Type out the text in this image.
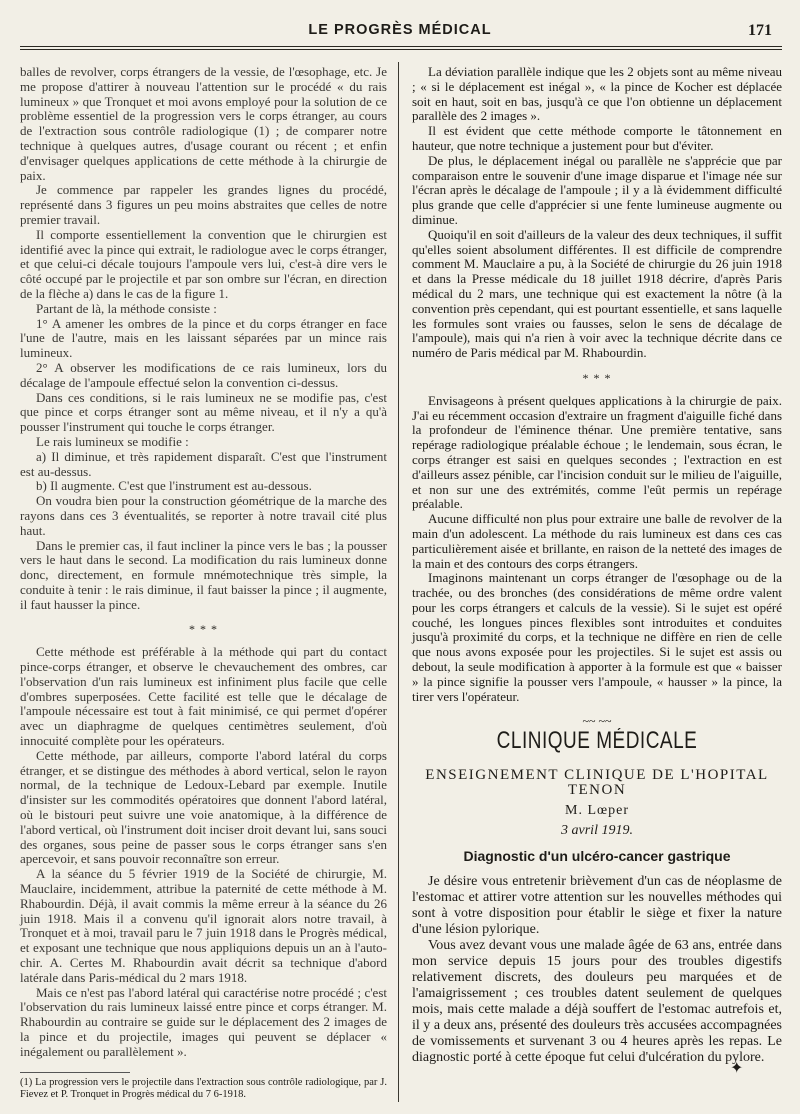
LE PROGRÈS MÉDICAL	171

balles de revolver, corps étrangers de la vessie, de l'œsophage, etc. Je me propose d'attirer à nouveau l'attention sur le procédé « du rais lumineux » que Tronquet et moi avons employé pour la solution de ce problème essentiel de la progression vers le corps étranger, au cours de l'extraction sous contrôle radiologique (1) ; de comparer notre technique à quelques autres, d'usage courant ou récent ; et enfin d'envisager quelques applications de cette méthode à la chirurgie de paix.

Je commence par rappeler les grandes lignes du procédé, représenté dans 3 figures un peu moins abstraites que celles de notre premier travail.

Il comporte essentiellement la convention que le chirurgien est identifié avec la pince qui extrait, le radiologue avec le corps étranger, et que celui-ci décale toujours l'ampoule vers lui, c'est-à dire vers le côté occupé par le projectile et par son ombre sur l'écran, en direction de la flèche a) dans le cas de la figure 1.

Partant de là, la méthode consiste :

1° A amener les ombres de la pince et du corps étranger en face l'une de l'autre, mais en les laissant séparées par un mince rais lumineux.

2° A observer les modifications de ce rais lumineux, lors du décalage de l'ampoule effectué selon la convention ci-dessus.

Dans ces conditions, si le rais lumineux ne se modifie pas, c'est que pince et corps étranger sont au même niveau, et il n'y a qu'à pousser l'instrument qui touche le corps étranger.

Le rais lumineux se modifie :

a) Il diminue, et très rapidement disparaît. C'est que l'instrument est au-dessus.

b) Il augmente. C'est que l'instrument est au-dessous.

On voudra bien pour la construction géométrique de la marche des rayons dans ces 3 éventualités, se reporter à notre travail cité plus haut.

Dans le premier cas, il faut incliner la pince vers le bas ; la pousser vers le haut dans le second. La modification du rais lumineux donne donc, directement, en formule mnémotechnique très simple, la conduite à tenir : le rais diminue, il faut baisser la pince ; il augmente, il faut hausser la pince.

* * *

Cette méthode est préférable à la méthode qui part du contact pince-corps étranger, et observe le chevauchement des ombres, car l'observation d'un rais lumineux est infiniment plus facile que celle d'ombres superposées. Cette facilité est telle que le décalage de l'ampoule nécessaire est tout à fait minimisé, ce qui permet d'opérer avec un diaphragme de quelques centimètres seulement, d'où innocuité complète pour les opérateurs.

Cette méthode, par ailleurs, comporte l'abord latéral du corps étranger, et se distingue des méthodes à abord vertical, selon le rayon normal, de la technique de Ledoux-Lebard par exemple. Inutile d'insister sur les commodités opératoires que donnent l'abord latéral, où le bistouri peut suivre une voie anatomique, à la différence de l'abord vertical, où l'instrument doit inciser droit devant lui, sans souci des organes, sous peine de passer sous le corps étranger sans s'en apercevoir, et sans pouvoir reconnaître son erreur.

A la séance du 5 février 1919 de la Société de chirurgie, M. Mauclaire, incidemment, attribue la paternité de cette méthode à M. Rhabourdin. Déjà, il avait commis la même erreur à la séance du 26 juin 1918. Mais il a convenu qu'il ignorait alors notre travail, à Tronquet et à moi, travail paru le 7 juin 1918 dans le Progrès médical, et exposant une technique que nous appliquions depuis un an à l'auto-chir. A. Certes M. Rhabourdin avait décrit sa technique d'abord latérale dans Paris-médical du 2 mars 1918.

Mais ce n'est pas l'abord latéral qui caractérise notre procédé ; c'est l'observation du rais lumineux laissé entre pince et corps étranger. M. Rhabourdin au contraire se guide sur le déplacement des 2 images de la pince et du projectile, images qui peuvent se déplacer « inégalement ou parallèlement ».

(1) La progression vers le projectile dans l'extraction sous contrôle radiologique, par J. Fievez et P. Tronquet in Progrès médical du 7 6-1918.

La déviation parallèle indique que les 2 objets sont au même niveau ; « si le déplacement est inégal », « la pince de Kocher est déplacée soit en haut, soit en bas, jusqu'à ce que l'on obtienne un déplacement parallèle des 2 images ».

Il est évident que cette méthode comporte le tâtonnement en hauteur, que notre technique a justement pour but d'éviter.

De plus, le déplacement inégal ou parallèle ne s'apprécie que par comparaison entre le souvenir d'une image disparue et l'image née sur l'écran après le décalage de l'ampoule ; il y a là évidemment difficulté plus grande que celle d'apprécier si une fente lumineuse augmente ou diminue.

Quoiqu'il en soit d'ailleurs de la valeur des deux techniques, il suffit qu'elles soient absolument différentes. Il est difficile de comprendre comment M. Mauclaire a pu, à la Société de chirurgie du 26 juin 1918 et dans la Presse médicale du 18 juillet 1918 décrire, d'après Paris médical du 2 mars, une technique qui est exactement la nôtre (à la convention près cependant, qui est pourtant essentielle, et sans laquelle les formules sont vraies ou fausses, selon le sens de décalage de l'ampoule), mais qui n'a rien à voir avec la technique décrite dans ce numéro de Paris médical par M. Rhabourdin.

* * *

Envisageons à présent quelques applications à la chirurgie de paix. J'ai eu récemment occasion d'extraire un fragment d'aiguille fiché dans la profondeur de l'éminence thénar. Une première tentative, sans repérage radiologique préalable échoue ; le lendemain, sous écran, le corps étranger est saisi en quelques secondes ; l'extraction en est d'ailleurs assez pénible, car l'incision conduit sur le milieu de l'aiguille, et non sur une des extrémités, comme l'eût permis un repérage préalable.

Aucune difficulté non plus pour extraire une balle de revolver de la main d'un adolescent. La méthode du rais lumineux est dans ces cas particulièrement aisée et brillante, en raison de la netteté des images de la main et des contours des corps étrangers.

Imaginons maintenant un corps étranger de l'œsophage ou de la trachée, ou des bronches (des considérations de même ordre valent pour les corps étrangers et calculs de la vessie). Si le sujet est opéré couché, les longues pinces flexibles sont introduites et conduites jusqu'à proximité du corps, et la technique ne diffère en rien de celle que nous avons exposée pour les projectiles. Si le sujet est assis ou debout, la seule modification à apporter à la formule est que « baisser » la pince signifie la pousser vers l'ampoule, « hausser » la pince, la tirer vers l'opérateur.

~~ ~~
CLINIQUE MÉDICALE
ENSEIGNEMENT CLINIQUE DE L'HOPITAL TENON
M. Lœper
3 avril 1919.
Diagnostic d'un ulcéro-cancer gastrique

Je désire vous entretenir brièvement d'un cas de néoplasme de l'estomac et attirer votre attention sur les nouvelles méthodes qui sont à votre disposition pour établir le siège et fixer la nature d'une lésion pylorique.

Vous avez devant vous une malade âgée de 63 ans, entrée dans mon service depuis 15 jours pour des troubles digestifs relativement discrets, des douleurs peu marquées et de l'amaigrissement ; ces troubles datent seulement de quelques mois, mais cette malade a déjà souffert de l'estomac autrefois et, il y a deux ans, présenté des douleurs très accusées accompagnées de vomissements et survenant 3 ou 4 heures après les repas. Le diagnostic porté à cette époque fut celui d'ulcération du pylore.

✦
